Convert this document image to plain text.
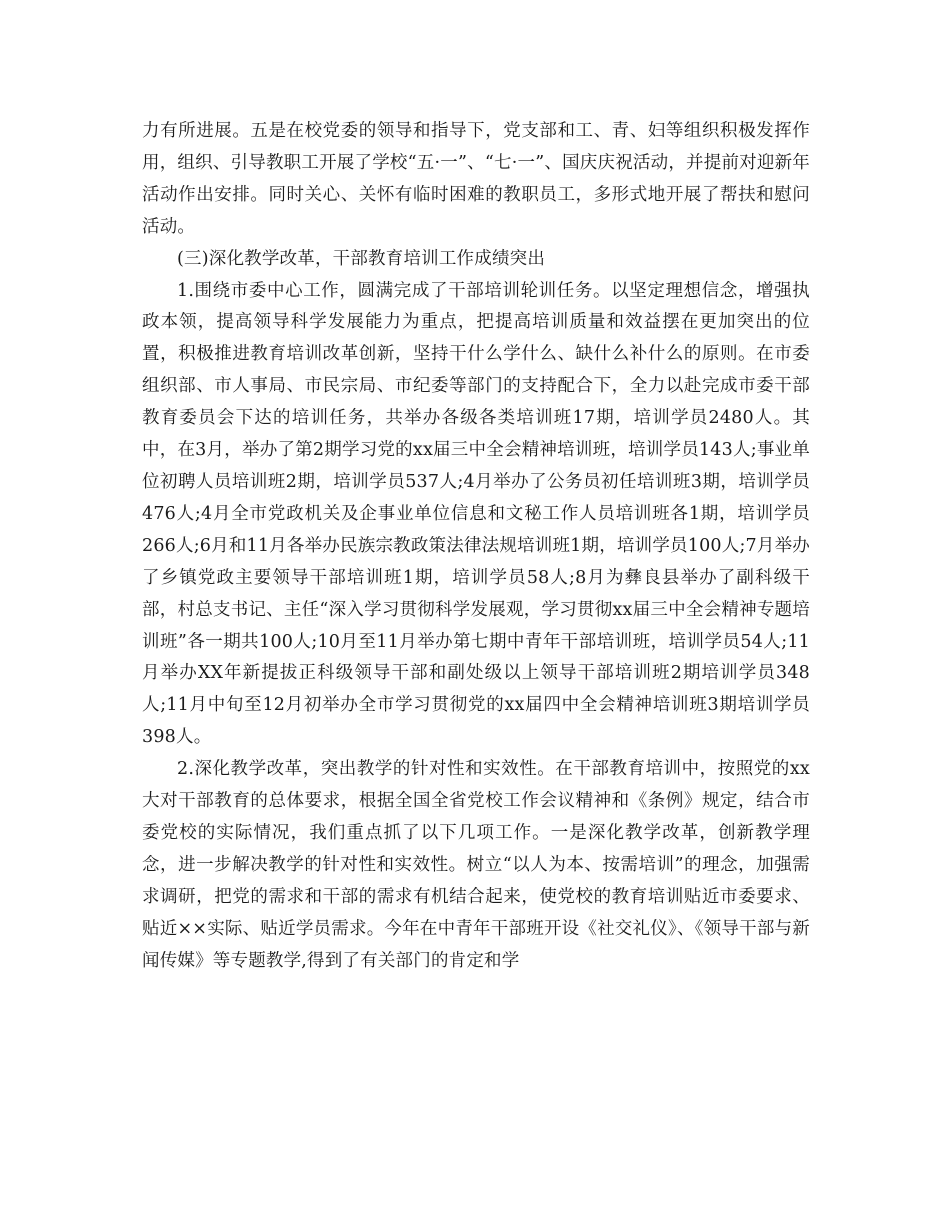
力有所进展。五是在校党委的领导和指导下，党支部和工、青、妇等组织积极发挥作用，组织、引导教职工开展了学校“五·一”、“七·一”、国庆庆祝活动，并提前对迎新年活动作出安排。同时关心、关怀有临时困难的教职员工，多形式地开展了帮扶和慰问活动。

(三)深化教学改革，干部教育培训工作成绩突出

1.围绕市委中心工作，圆满完成了干部培训轮训任务。以坚定理想信念，增强执政本领，提高领导科学发展能力为重点，把提高培训质量和效益摆在更加突出的位置，积极推进教育培训改革创新，坚持干什么学什么、缺什么补什么的原则。在市委组织部、市人事局、市民宗局、市纪委等部门的支持配合下，全力以赴完成市委干部教育委员会下达的培训任务，共举办各级各类培训班17期，培训学员2480人。其中，在3月，举办了第2期学习党的xx届三中全会精神培训班，培训学员143人;事业单位初聘人员培训班2期，培训学员537人;4月举办了公务员初任培训班3期，培训学员476人;4月全市党政机关及企事业单位信息和文秘工作人员培训班各1期，培训学员266人;6月和11月各举办民族宗教政策法律法规培训班1期，培训学员100人;7月举办了乡镇党政主要领导干部培训班1期，培训学员58人;8月为彝良县举办了副科级干部，村总支书记、主任“深入学习贯彻科学发展观，学习贯彻xx届三中全会精神专题培训班”各一期共100人;10月至11月举办第七期中青年干部培训班，培训学员54人;11月举办XX年新提拔正科级领导干部和副处级以上领导干部培训班2期培训学员348人;11月中旬至12月初举办全市学习贯彻党的xx届四中全会精神培训班3期培训学员398人。

2.深化教学改革，突出教学的针对性和实效性。在干部教育培训中，按照党的xx大对干部教育的总体要求，根据全国全省党校工作会议精神和《条例》规定，结合市委党校的实际情况，我们重点抓了以下几项工作。一是深化教学改革，创新教学理念，进一步解决教学的针对性和实效性。树立“以人为本、按需培训”的理念，加强需求调研，把党的需求和干部的需求有机结合起来，使党校的教育培训贴近市委要求、贴近××实际、贴近学员需求。今年在中青年干部班开设《社交礼仪》、《领导干部与新闻传媒》等专题教学,得到了有关部门的肯定和学
